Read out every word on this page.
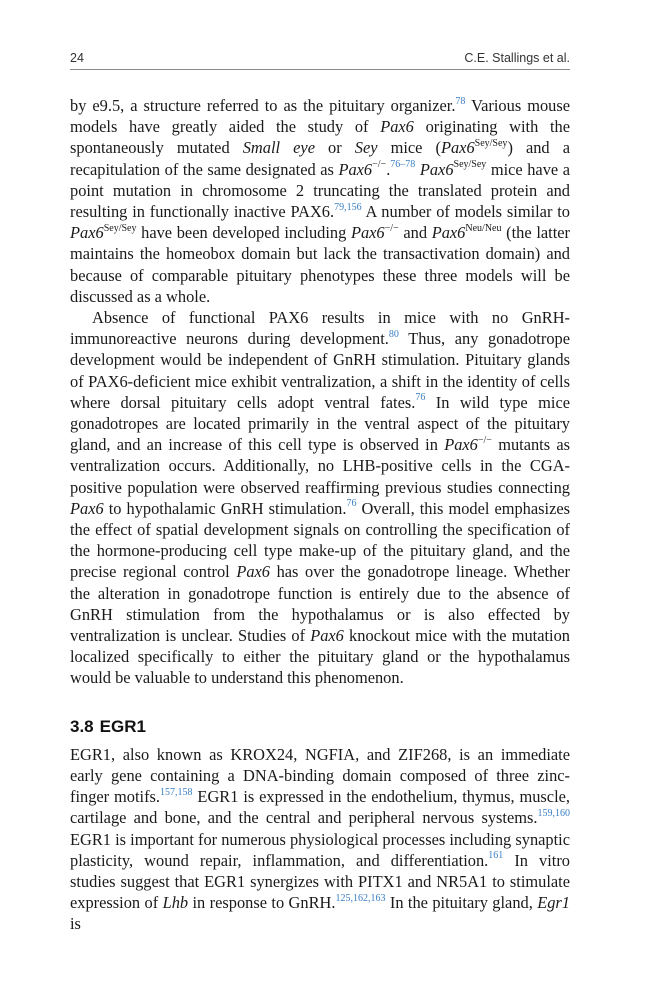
24	C.E. Stallings et al.

by e9.5, a structure referred to as the pituitary organizer.$^{78}$ Various mouse models have greatly aided the study of Pax6 originating with the spontaneously mutated Small eye or Sey mice $(Pax6^{Sey/Sey})$ and a recapitulation of the same designated as Pax6−/−.$^{76-78}$ $Pax6^{Sey/Sey}$ mice have a point mutation in chromosome 2 truncating the translated protein and resulting in functionally inactive PAX6.$^{79,156}$ A number of models similar to $Pax6^{Sey/Sey}$ have been developed including Pax6−/− and $Pax6^{Neu/Neu}$ (the latter maintains the homeobox domain but lack the transactivation domain) and because of comparable pituitary phenotypes these three models will be discussed as a whole.

Absence of functional PAX6 results in mice with no GnRH-immunoreactive neurons during development.$^{80}$ Thus, any gonadotrope development would be independent of GnRH stimulation. Pituitary glands of PAX6-deficient mice exhibit ventralization, a shift in the identity of cells where dorsal pituitary cells adopt ventral fates.$^{76}$ In wild type mice gonadotropes are located primarily in the ventral aspect of the pituitary gland, and an increase of this cell type is observed in Pax6−/− mutants as ventralization occurs. Additionally, no LHB-positive cells in the CGA-positive population were observed reaffirming previous studies connecting Pax6 to hypothalamic GnRH stimulation.$^{76}$ Overall, this model emphasizes the effect of spatial development signals on controlling the specification of the hormone-producing cell type make-up of the pituitary gland, and the precise regional control Pax6 has over the gonadotrope lineage. Whether the alteration in gonadotrope function is entirely due to the absence of GnRH stimulation from the hypothalamus or is also effected by ventralization is unclear. Studies of Pax6 knockout mice with the mutation localized specifically to either the pituitary gland or the hypothalamus would be valuable to understand this phenomenon.

3.8 EGR1

EGR1, also known as KROX24, NGFIA, and ZIF268, is an immediate early gene containing a DNA-binding domain composed of three zinc-finger motifs.$^{157,158}$ EGR1 is expressed in the endothelium, thymus, muscle, cartilage and bone, and the central and peripheral nervous systems.$^{159,160}$ EGR1 is important for numerous physiological processes including synaptic plasticity, wound repair, inflammation, and differentiation.$^{161}$ In vitro studies suggest that EGR1 synergizes with PITX1 and NR5A1 to stimulate expression of Lhb in response to GnRH.$^{125,162,163}$ In the pituitary gland, Egr1 is
